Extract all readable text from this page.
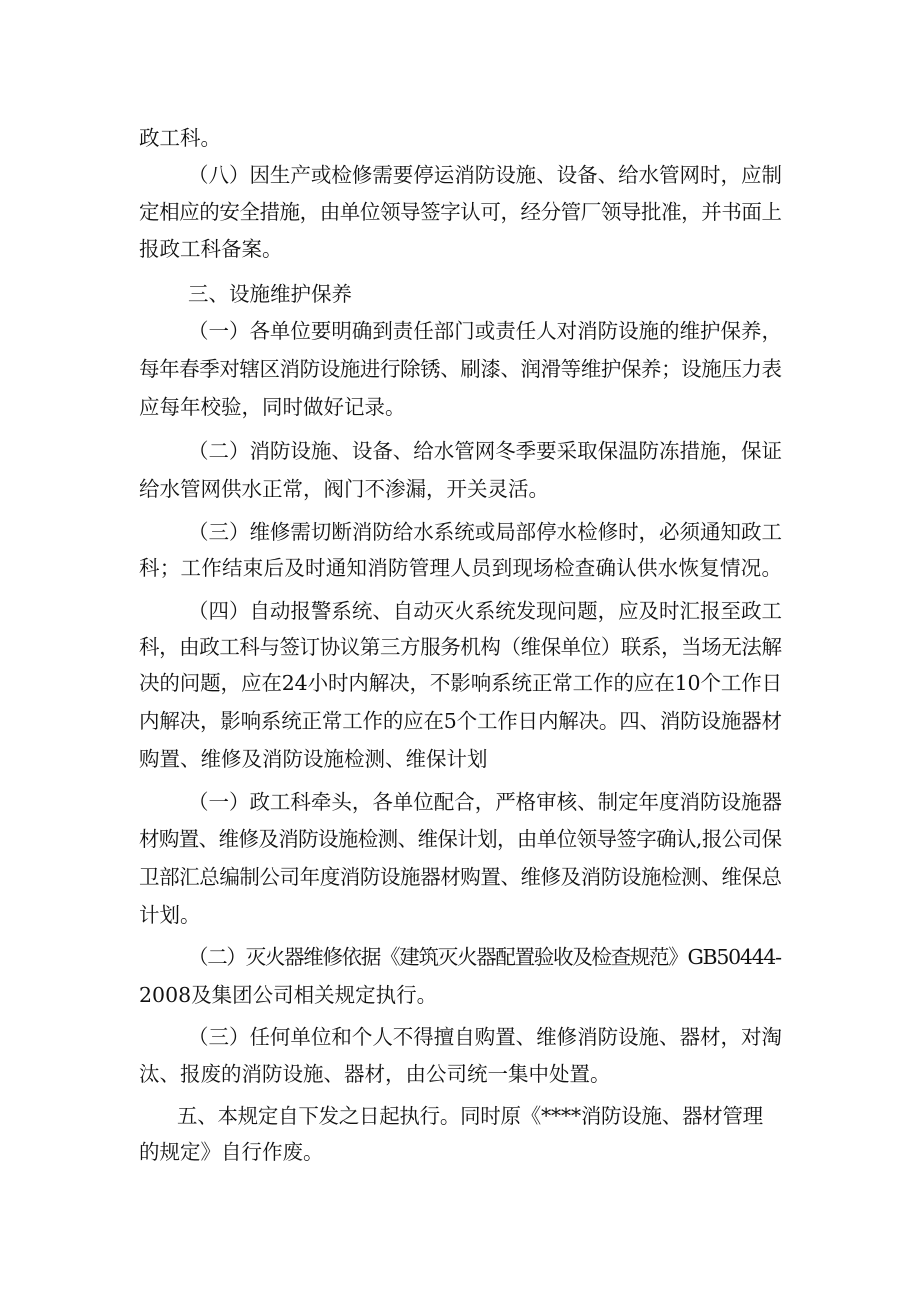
政工科。
（八）因生产或检修需要停运消防设施、设备、给水管网时，应制
定相应的安全措施，由单位领导签字认可，经分管厂领导批准，并书面上
报政工科备案。
三、设施维护保养
（一）各单位要明确到责任部门或责任人对消防设施的维护保养，
每年春季对辖区消防设施进行除锈、刷漆、润滑等维护保养；设施压力表
应每年校验，同时做好记录。
（二）消防设施、设备、给水管网冬季要采取保温防冻措施，保证
给水管网供水正常，阀门不渗漏，开关灵活。
（三）维修需切断消防给水系统或局部停水检修时，必须通知政工
科；工作结束后及时通知消防管理人员到现场检查确认供水恢复情况。
（四）自动报警系统、自动灭火系统发现问题，应及时汇报至政工
科，由政工科与签订协议第三方服务机构（维保单位）联系，当场无法解
决的问题，应在24小时内解决，不影响系统正常工作的应在10个工作日
内解决，影响系统正常工作的应在5个工作日内解决。四、消防设施器材
购置、维修及消防设施检测、维保计划
（一）政工科牵头，各单位配合，严格审核、制定年度消防设施器
材购置、维修及消防设施检测、维保计划，由单位领导签字确认,报公司保
卫部汇总编制公司年度消防设施器材购置、维修及消防设施检测、维保总
计划。
（二）灭火器维修依据《建筑灭火器配置验收及检查规范》GB50444-
2008及集团公司相关规定执行。
（三）任何单位和个人不得擅自购置、维修消防设施、器材，对淘
汰、报废的消防设施、器材，由公司统一集中处置。
五、本规定自下发之日起执行。同时原《****消防设施、器材管理
的规定》自行作废。
